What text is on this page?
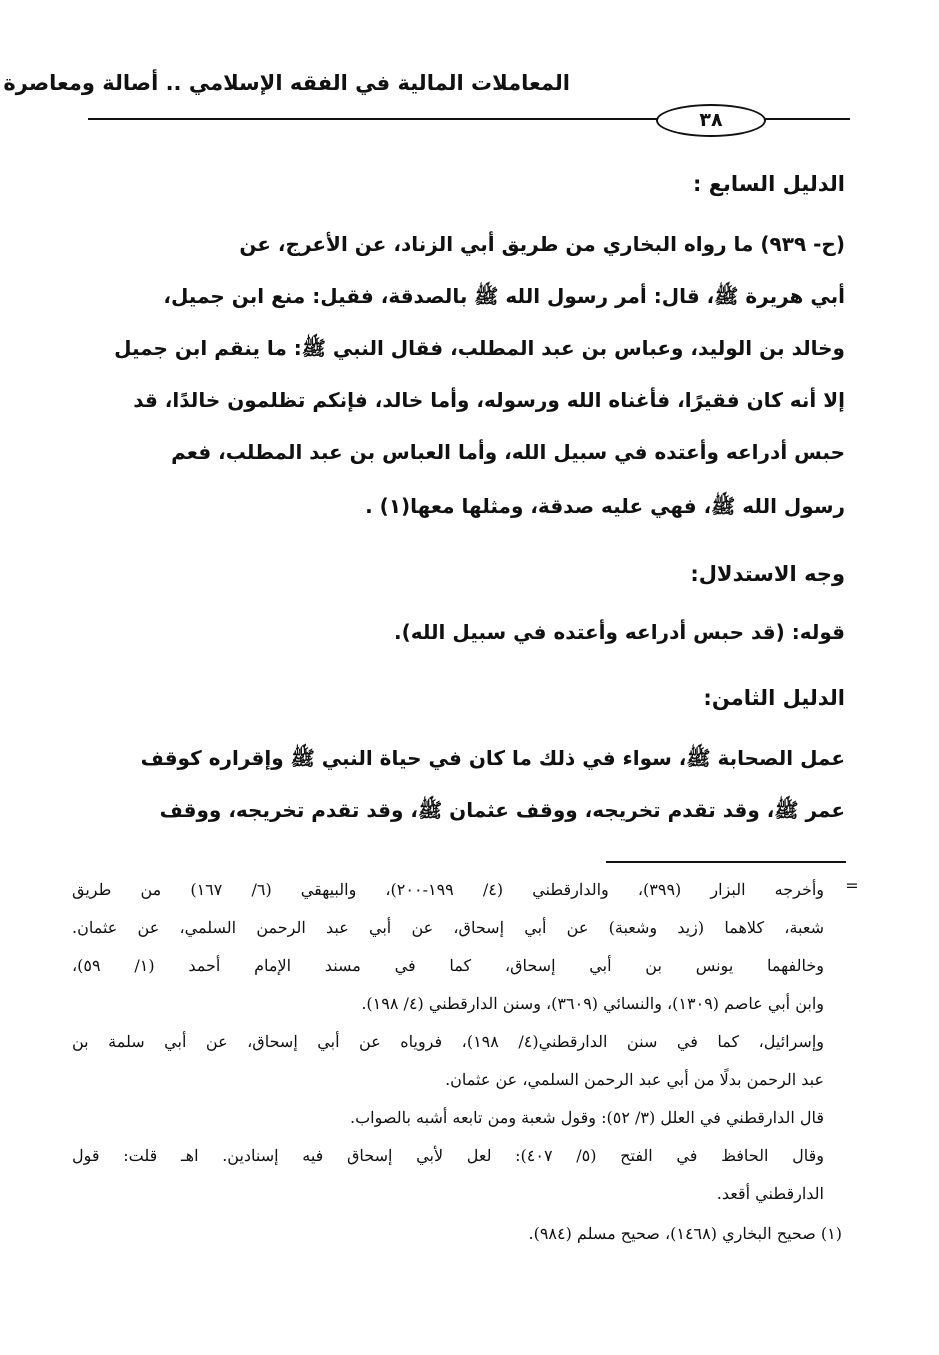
المعاملات المالية في الفقه الإسلامي .. أصالة ومعاصرة
٣٨
الدليل السابع :
(ح- ٩٣٩) ما رواه البخاري من طريق أبي الزناد، عن الأعرج، عن
أبي هريرة ﷺ، قال: أمر رسول الله ﷺ بالصدقة، فقيل: منع ابن جميل،
وخالد بن الوليد، وعباس بن عبد المطلب، فقال النبي ﷺ: ما ينقم ابن جميل
إلا أنه كان فقيرًا، فأغناه الله ورسوله، وأما خالد، فإنكم تظلمون خالدًا، قد
حبس أدراعه وأعتده في سبيل الله، وأما العباس بن عبد المطلب، فعم
رسول الله ﷺ، فهي عليه صدقة، ومثلها معها(١) .
وجه الاستدلال:
قوله: (قد حبس أدراعه وأعتده في سبيل الله).
الدليل الثامن:
عمل الصحابة ﷺ، سواء في ذلك ما كان في حياة النبي ﷺ وإقراره كوقف
عمر ﷺ، وقد تقدم تخريجه، ووقف عثمان ﷺ، وقد تقدم تخريجه، ووقف
=
وأخرجه البزار (٣٩٩)، والدارقطني (٤/ ١٩٩-٢٠٠)، والبيهقي (٦/ ١٦٧) من طريق
شعبة، كلاهما (زيد وشعبة) عن أبي إسحاق، عن أبي عبد الرحمن السلمي، عن عثمان.
وخالفهما يونس بن أبي إسحاق، كما في مسند الإمام أحمد (١/ ٥٩)،
وابن أبي عاصم (١٣٠٩)، والنسائي (٣٦٠٩)، وسنن الدارقطني (٤/ ١٩٨).
وإسرائيل، كما في سنن الدارقطني(٤/ ١٩٨)، فروياه عن أبي إسحاق، عن أبي سلمة بن
عبد الرحمن بدلًا من أبي عبد الرحمن السلمي، عن عثمان.
قال الدارقطني في العلل (٣/ ٥٢): وقول شعبة ومن تابعه أشبه بالصواب.
وقال الحافظ في الفتح (٥/ ٤٠٧): لعل لأبي إسحاق فيه إسنادين. اهـ قلت: قول
الدارقطني أقعد.
(١) صحيح البخاري (١٤٦٨)، صحيح مسلم (٩٨٤).
